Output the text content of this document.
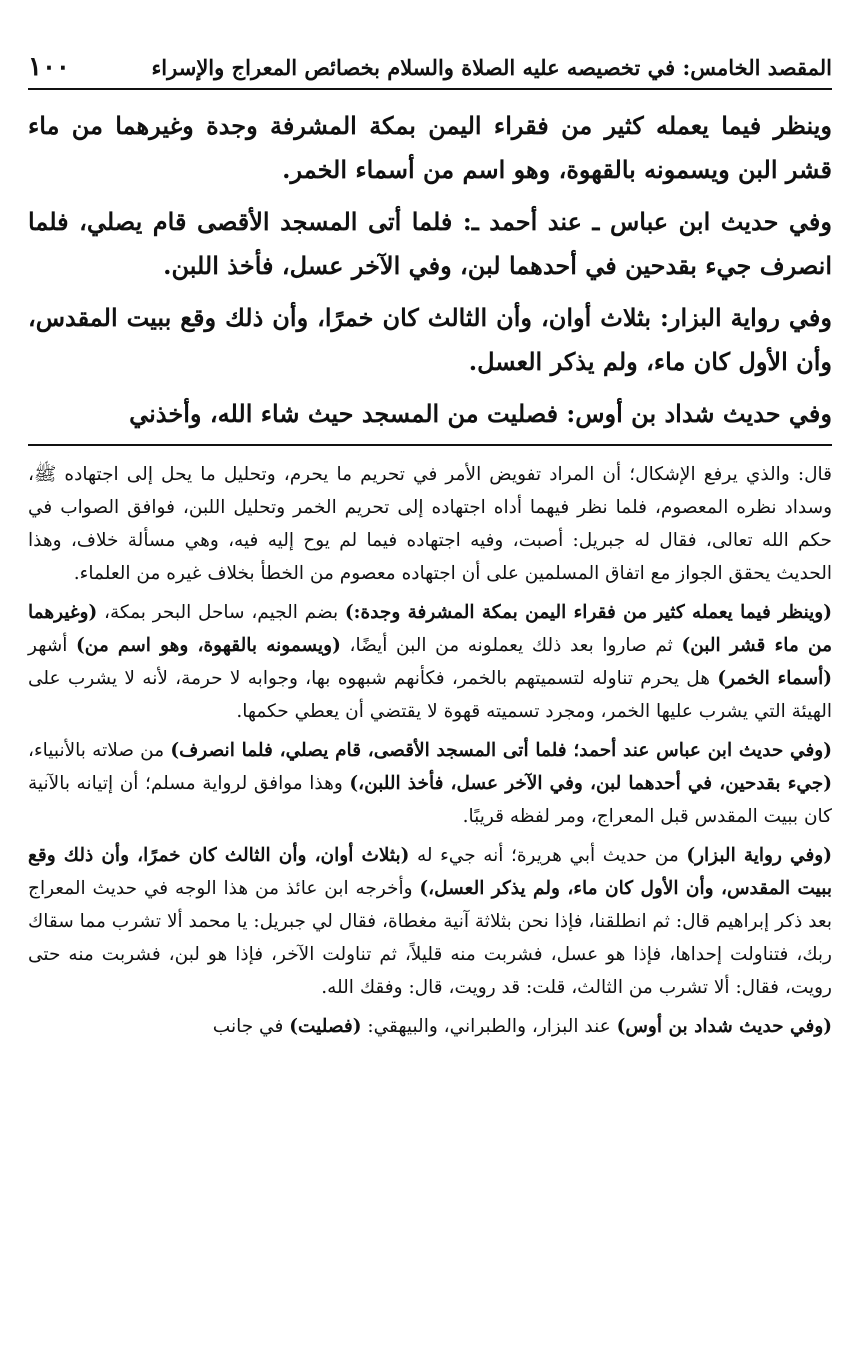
المقصد الخامس: في تخصيصه عليه الصلاة والسلام بخصائص المعراج والإسراء
١٠٠

وينظر فيما يعمله كثير من فقراء اليمن بمكة المشرفة وجدة وغيرهما من ماء قشر البن ويسمونه بالقهوة، وهو اسم من أسماء الخمر.

وفي حديث ابن عباس ـ عند أحمد ـ: فلما أتى المسجد الأقصى قام يصلي، فلما انصرف جيء بقدحين في أحدهما لبن، وفي الآخر عسل، فأخذ اللبن.

وفي رواية البزار: بثلاث أوان، وأن الثالث كان خمرًا، وأن ذلك وقع ببيت المقدس، وأن الأول كان ماء، ولم يذكر العسل.

وفي حديث شداد بن أوس: فصليت من المسجد حيث شاء الله، وأخذني

قال: والذي يرفع الإشكال؛ أن المراد تفويض الأمر في تحريم ما يحرم، وتحليل ما يحل إلى اجتهاده ﷺ، وسداد نظره المعصوم، فلما نظر فيهما أداه اجتهاده إلى تحريم الخمر وتحليل اللبن، فوافق الصواب في حكم الله تعالى، فقال له جبريل: أصبت، وفيه اجتهاده فيما لم يوح إليه فيه، وهي مسألة خلاف، وهذا الحديث يحقق الجواز مع اتفاق المسلمين على أن اجتهاده معصوم من الخطأ بخلاف غيره من العلماء.

(وينظر فيما يعمله كثير من فقراء اليمن بمكة المشرفة وجدة:) بضم الجيم، ساحل البحر بمكة، (وغيرهما من ماء قشر البن) ثم صاروا بعد ذلك يعملونه من البن أيضًا، (ويسمونه بالقهوة، وهو اسم من) أشهر (أسماء الخمر) هل يحرم تناوله لتسميتهم بالخمر، فكأنهم شبهوه بها، وجوابه لا حرمة، لأنه لا يشرب على الهيئة التي يشرب عليها الخمر، ومجرد تسميته قهوة لا يقتضي أن يعطي حكمها.

(وفي حديث ابن عباس عند أحمد؛ فلما أتى المسجد الأقصى، قام يصلي، فلما انصرف) من صلاته بالأنبياء، (جيء بقدحين، في أحدهما لبن، وفي الآخر عسل، فأخذ اللبن،) وهذا موافق لرواية مسلم؛ أن إتيانه بالآنية كان ببيت المقدس قبل المعراج، ومر لفظه قريبًا.

(وفي رواية البزار) من حديث أبي هريرة؛ أنه جيء له (بثلاث أوان، وأن الثالث كان خمرًا، وأن ذلك وقع ببيت المقدس، وأن الأول كان ماء، ولم يذكر العسل،) وأخرجه ابن عائذ من هذا الوجه في حديث المعراج بعد ذكر إبراهيم قال: ثم انطلقنا، فإذا نحن بثلاثة آنية مغطاة، فقال لي جبريل: يا محمد ألا تشرب مما سقاك ربك، فتناولت إحداها، فإذا هو عسل، فشربت منه قليلاً، ثم تناولت الآخر، فإذا هو لبن، فشربت منه حتى رويت، فقال: ألا تشرب من الثالث، قلت: قد رويت، قال: وفقك الله.

(وفي حديث شداد بن أوس) عند البزار، والطبراني، والبيهقي: (فصليت) في جانب
